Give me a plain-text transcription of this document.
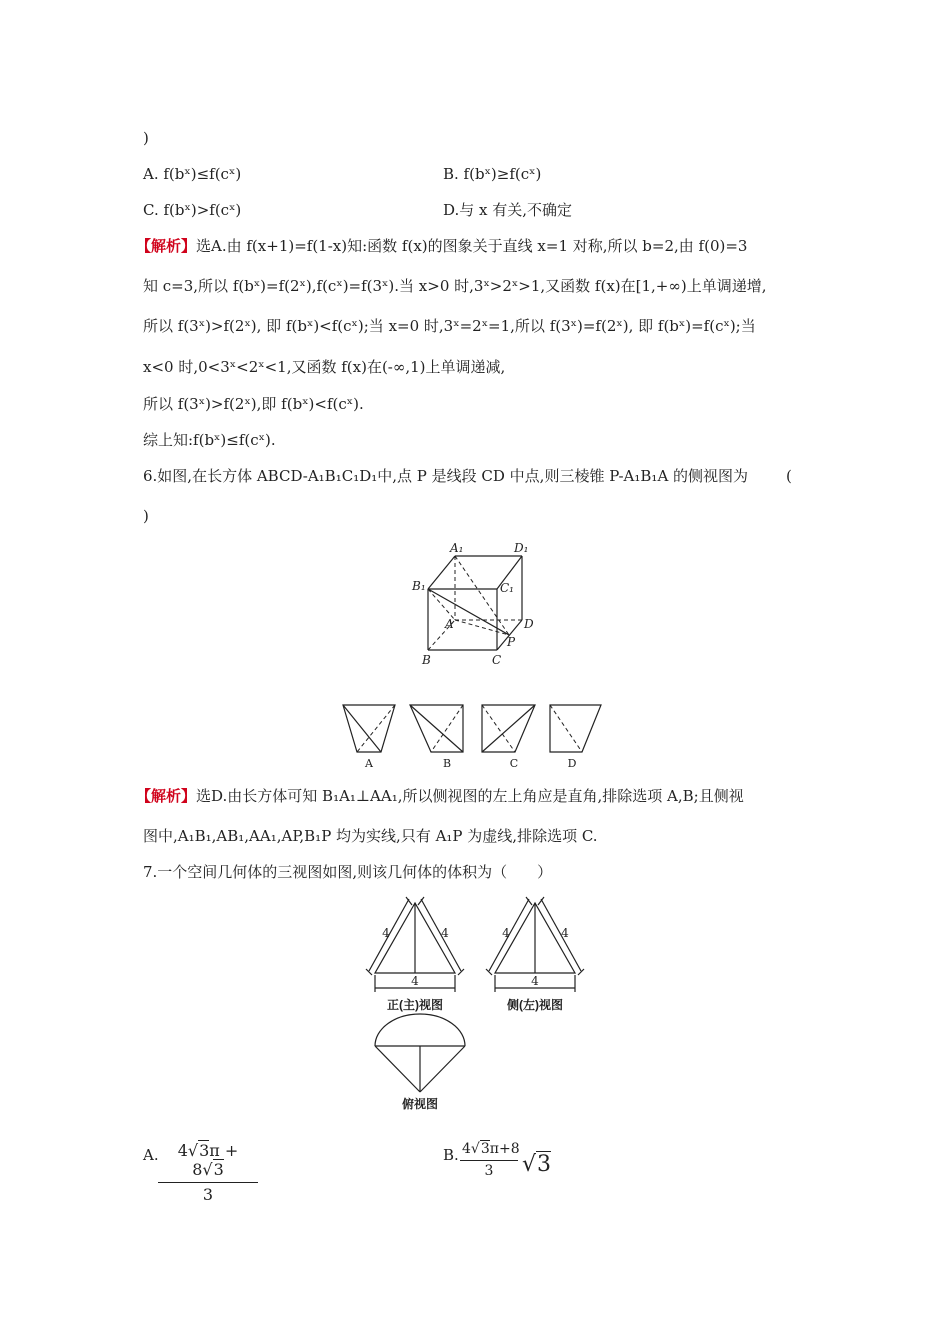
)
A. f(bˣ)≤f(cˣ)	B. f(bˣ)≥f(cˣ)
C. f(bˣ)>f(cˣ)	D.与 x 有关,不确定
【解析】选A.由 f(x+1)=f(1-x)知:函数 f(x)的图象关于直线 x=1 对称,所以 b=2,由 f(0)=3
知 c=3,所以 f(bˣ)=f(2ˣ),f(cˣ)=f(3ˣ).当 x>0 时,3ˣ>2ˣ>1,又函数 f(x)在[1,+∞)上单调递增,
所以 f(3ˣ)>f(2ˣ), 即 f(bˣ)<f(cˣ);当 x=0 时,3ˣ=2ˣ=1,所以 f(3ˣ)=f(2ˣ), 即 f(bˣ)=f(cˣ);当
x<0 时,0<3ˣ<2ˣ<1,又函数 f(x)在(-∞,1)上单调递减,
所以 f(3ˣ)>f(2ˣ),即 f(bˣ)<f(cˣ).
综上知:f(bˣ)≤f(cˣ).
6.如图,在长方体 ABCD-A₁B₁C₁D₁中,点 P 是线段 CD 中点,则三棱锥 P-A₁B₁A 的侧视图为	(
)
A₁	D₁
B₁	C₁
A	D
P
B	C
A	B	C	D
【解析】选D.由长方体可知 B₁A₁⊥AA₁,所以侧视图的左上角应是直角,排除选项 A,B;且侧视
图中,A₁B₁,AB₁,AA₁,AP,B₁P 均为实线,只有 A₁P 为虚线,排除选项 C.
7.一个空间几何体的三视图如图,则该几何体的体积为（　　）
4	4
4
正(主)视图
4	4
4
侧(左)视图
俯视图
A. $\frac{4√3\pi + 8√3}{3}$	B. $\frac{4√3\pi+8}{3} √3$
